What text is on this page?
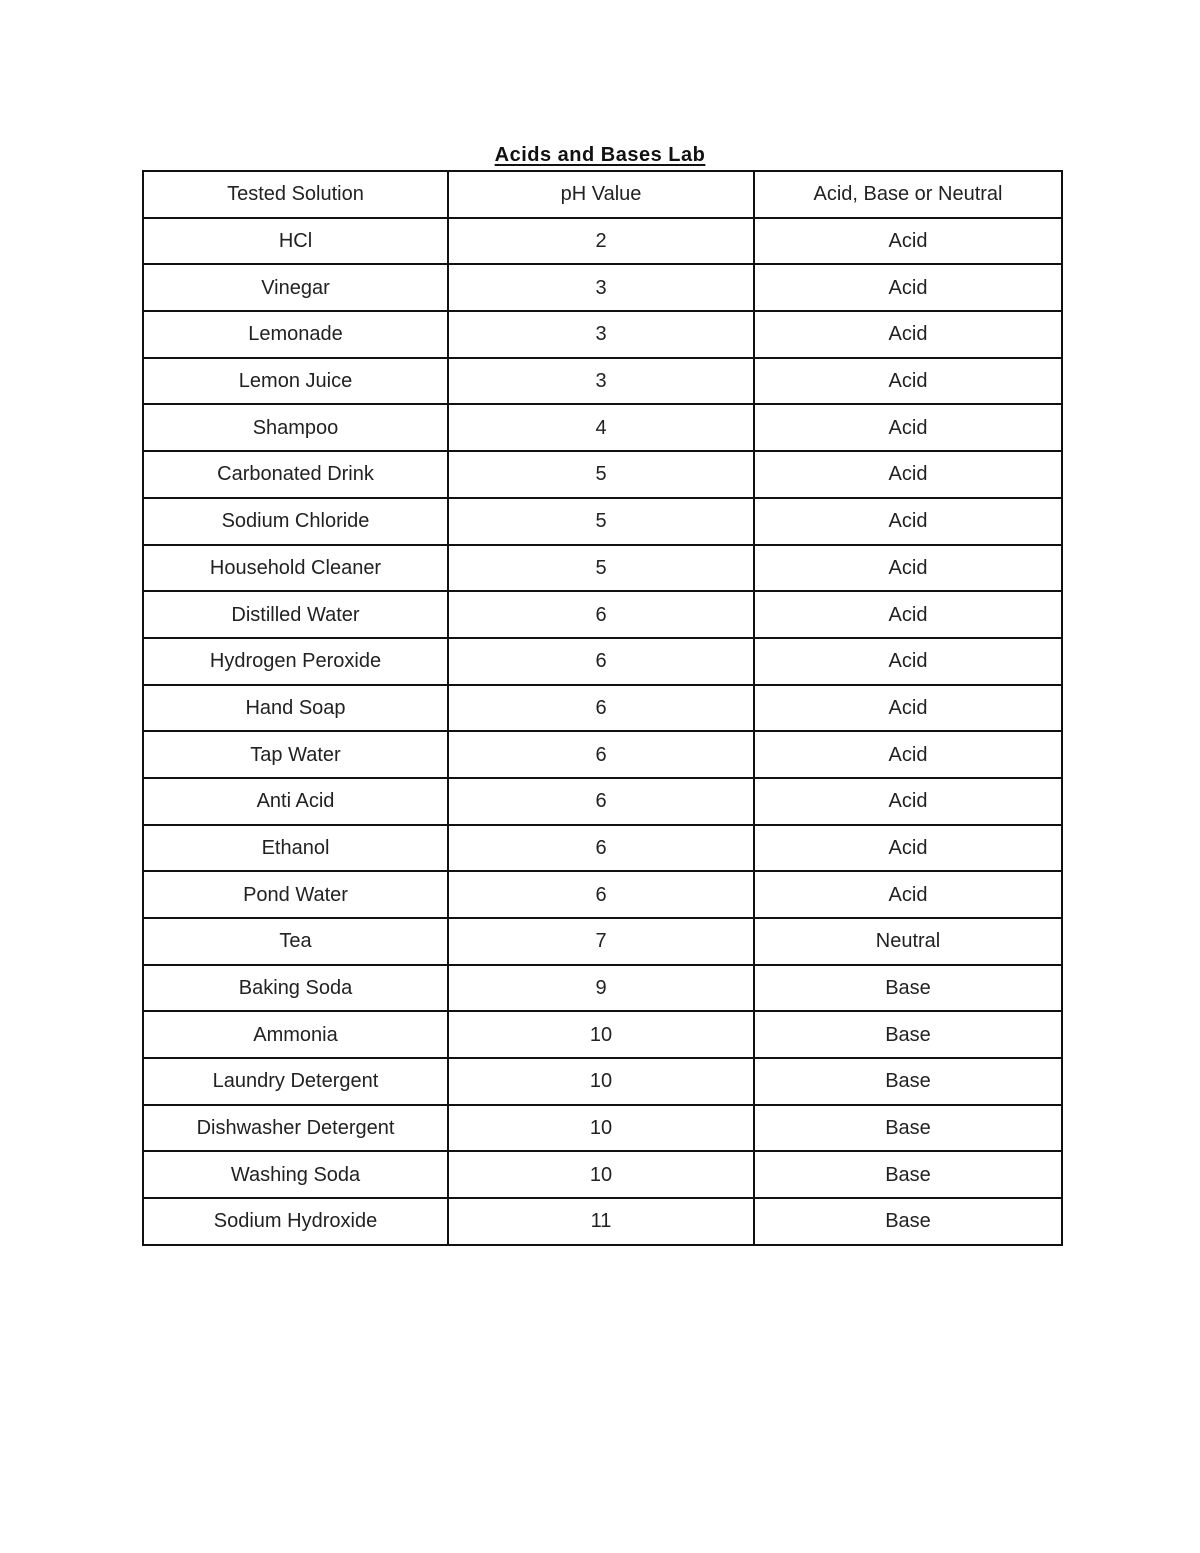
Acids and Bases Lab
Tested Solution	pH Value	Acid, Base or Neutral
HCl	2	Acid
Vinegar	3	Acid
Lemonade	3	Acid
Lemon Juice	3	Acid
Shampoo	4	Acid
Carbonated Drink	5	Acid
Sodium Chloride	5	Acid
Household Cleaner	5	Acid
Distilled Water	6	Acid
Hydrogen Peroxide	6	Acid
Hand Soap	6	Acid
Tap Water	6	Acid
Anti Acid	6	Acid
Ethanol	6	Acid
Pond Water	6	Acid
Tea	7	Neutral
Baking Soda	9	Base
Ammonia	10	Base
Laundry Detergent	10	Base
Dishwasher Detergent	10	Base
Washing Soda	10	Base
Sodium Hydroxide	11	Base
